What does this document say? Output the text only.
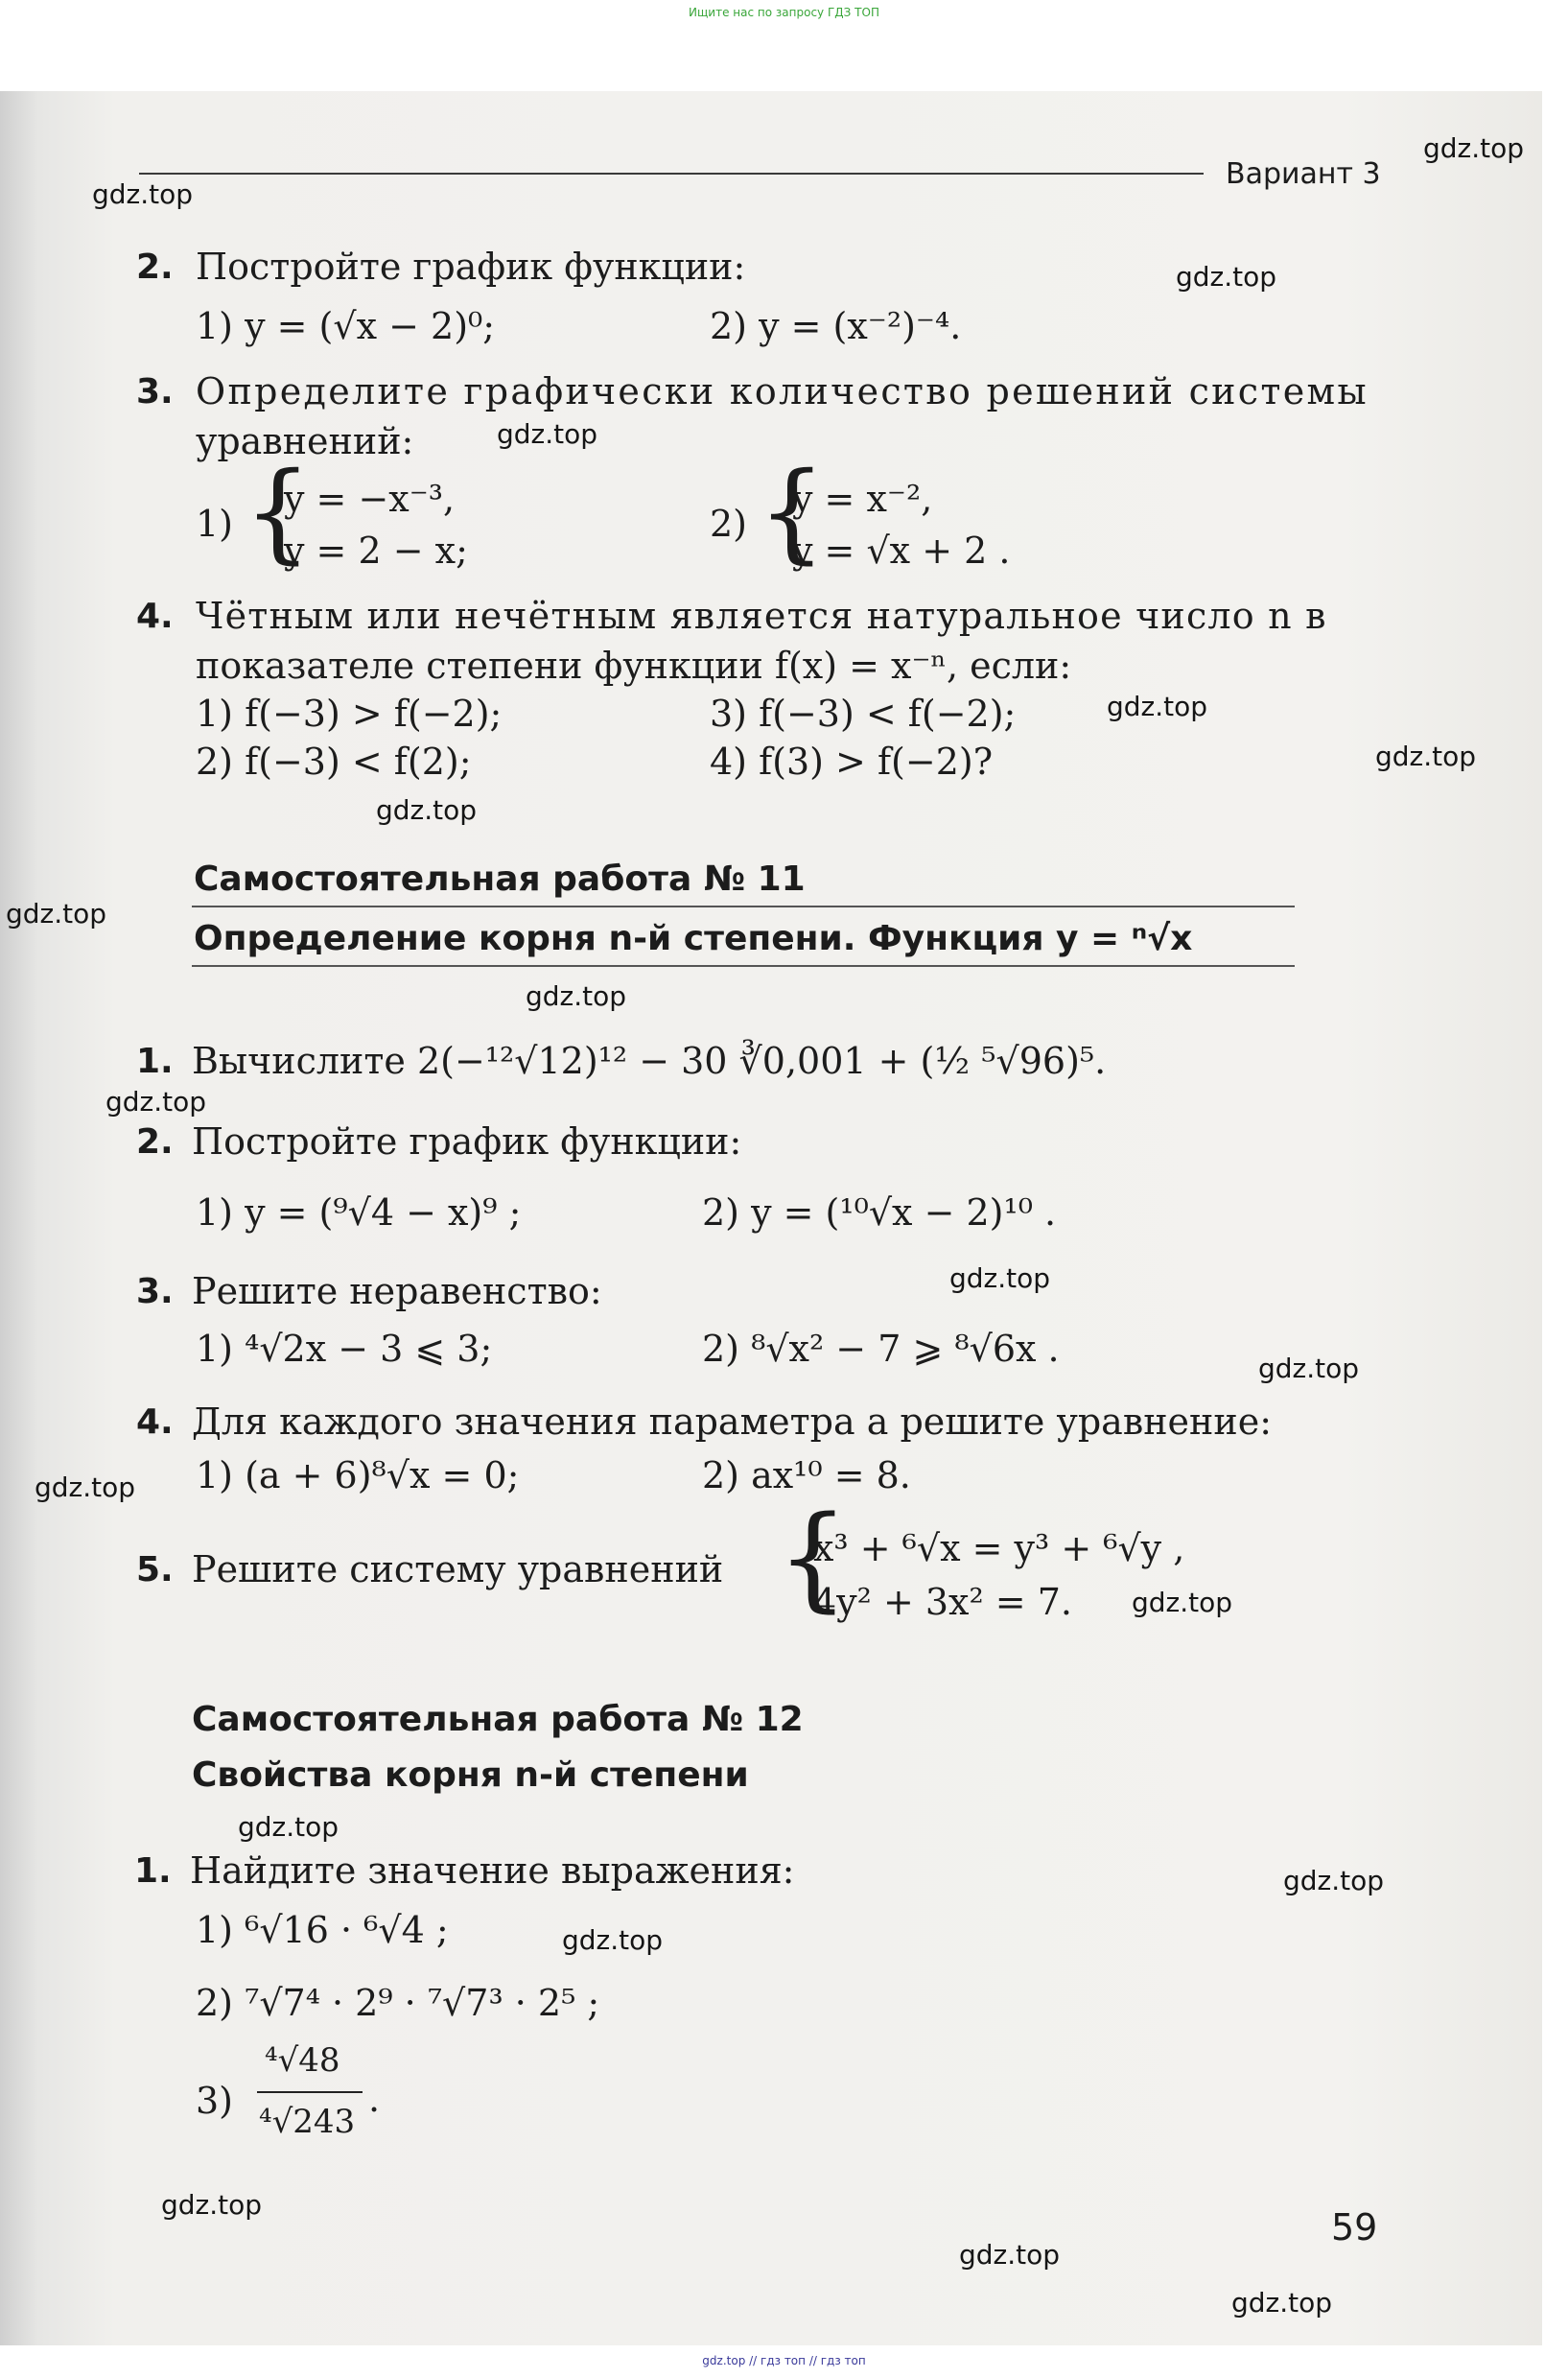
Ищите нас по запросу ГДЗ ТОП
Вариант 3
2. Постройте график функции:
1) y = (√x − 2)⁰;	2) y = (x⁻²)⁻⁴.
3. Определите графически количество решений системы
уравнений:
1) {
y = −x⁻³,
y = 2 − x;
2) {
y = x⁻²,
y = √x + 2 .
4. Чётным или нечётным является натуральное число n в
показателе степени функции f(x) = x⁻ⁿ, если:
1) f(−3) > f(−2);
2) f(−3) < f(2);
3) f(−3) < f(−2);
4) f(3) > f(−2)?
Самостоятельная работа № 11
Определение корня n-й степени. Функция y = ⁿ√x
1. Вычислите 2(−¹²√12)¹² − 30 ∛0,001 + (½ ⁵√96)⁵.
2. Постройте график функции:
1) y = (⁹√4 − x)⁹ ;	2) y = (¹⁰√x − 2)¹⁰ .
3. Решите неравенство:
1) ⁴√2x − 3 ⩽ 3;	2) ⁸√x² − 7 ⩾ ⁸√6x .
4. Для каждого значения параметра a решите уравнение:
1) (a + 6)⁸√x = 0;	2) ax¹⁰ = 8.
5. Решите систему уравнений {
x³ + ⁶√x = y³ + ⁶√y ,
4y² + 3x² = 7.
Самостоятельная работа № 12
Свойства корня n-й степени
1. Найдите значение выражения:
1) ⁶√16 · ⁶√4 ;
2) ⁷√7⁴ · 2⁹ · ⁷√7³ · 2⁵ ;
3)
⁴√48
⁴√243
.
59
gdz.top
gdz.top
gdz.top
gdz.top
gdz.top
gdz.top
gdz.top
gdz.top
gdz.top
gdz.top
gdz.top
gdz.top
gdz.top
gdz.top
gdz.top
gdz.top
gdz.top
gdz.top
gdz.top
gdz.top
gdz.top // гдз топ // гдз топ
